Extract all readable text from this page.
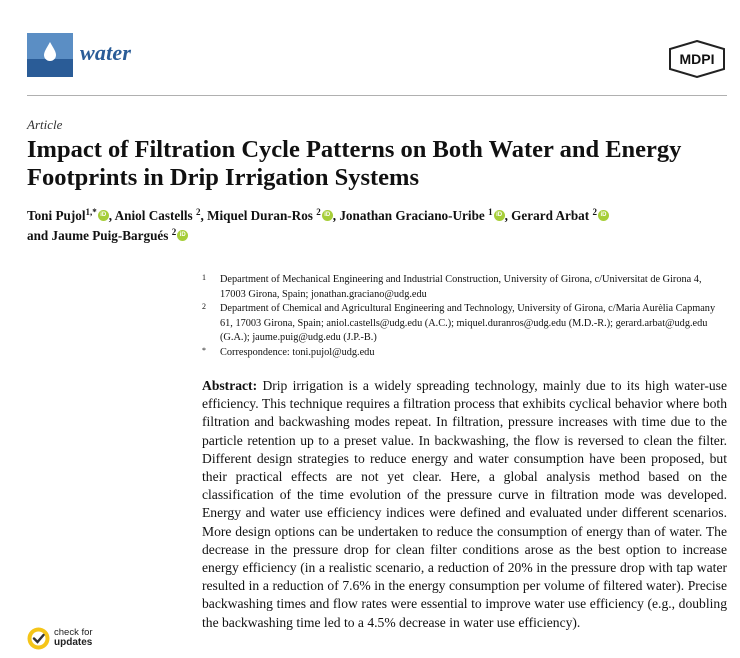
water	MDPI
Article
Impact of Filtration Cycle Patterns on Both Water and Energy Footprints in Drip Irrigation Systems
Toni Pujol$^{1,*}$ iD , Aniol Castells $^2$, Miquel Duran-Ros $^2$ iD , Jonathan Graciano-Uribe $^1$ iD , Gerard Arbat $^2$iD
and Jaume Puig-Bargués $^2$iD
1 Department of Mechanical Engineering and Industrial Construction, University of Girona, c/Universitat de Girona 4, 17003 Girona, Spain; jonathan.graciano@udg.edu
2 Department of Chemical and Agricultural Engineering and Technology, University of Girona, c/Maria Aurèlia Capmany 61, 17003 Girona, Spain; aniol.castells@udg.edu (A.C.); miquel.duranros@udg.edu (M.D.-R.); gerard.arbat@udg.edu (G.A.); jaume.puig@udg.edu (J.P.-B.)
* Correspondence: toni.pujol@udg.edu
Abstract: Drip irrigation is a widely spreading technology, mainly due to its high water-use efficiency. This technique requires a filtration process that exhibits cyclical behavior where both filtration and backwashing modes repeat. In filtration, pressure increases with time due to the particle retention up to a preset value. In backwashing, the flow is reversed to clean the filter. Different design strategies to reduce energy and water consumption have been proposed, but their practical effects are not yet clear. Here, a global analysis method based on the classification of the time evolution of the pressure curve in filtration mode was developed. Energy and water use efficiency indices were defined and evaluated under different scenarios. More design options can be undertaken to reduce the consumption of energy than of water. The decrease in the pressure drop for clean filter conditions arose as the best option to increase energy efficiency (in a realistic scenario, a reduction of 20% in the pressure drop with tap water resulted in a reduction of 7.6% in the energy consumption per volume of filtered water). Precise backwashing times and flow rates were essential to improve water use efficiency (e.g., doubling the backwashing time led to a 4.5% decrease in water use efficiency).
check for
updates
